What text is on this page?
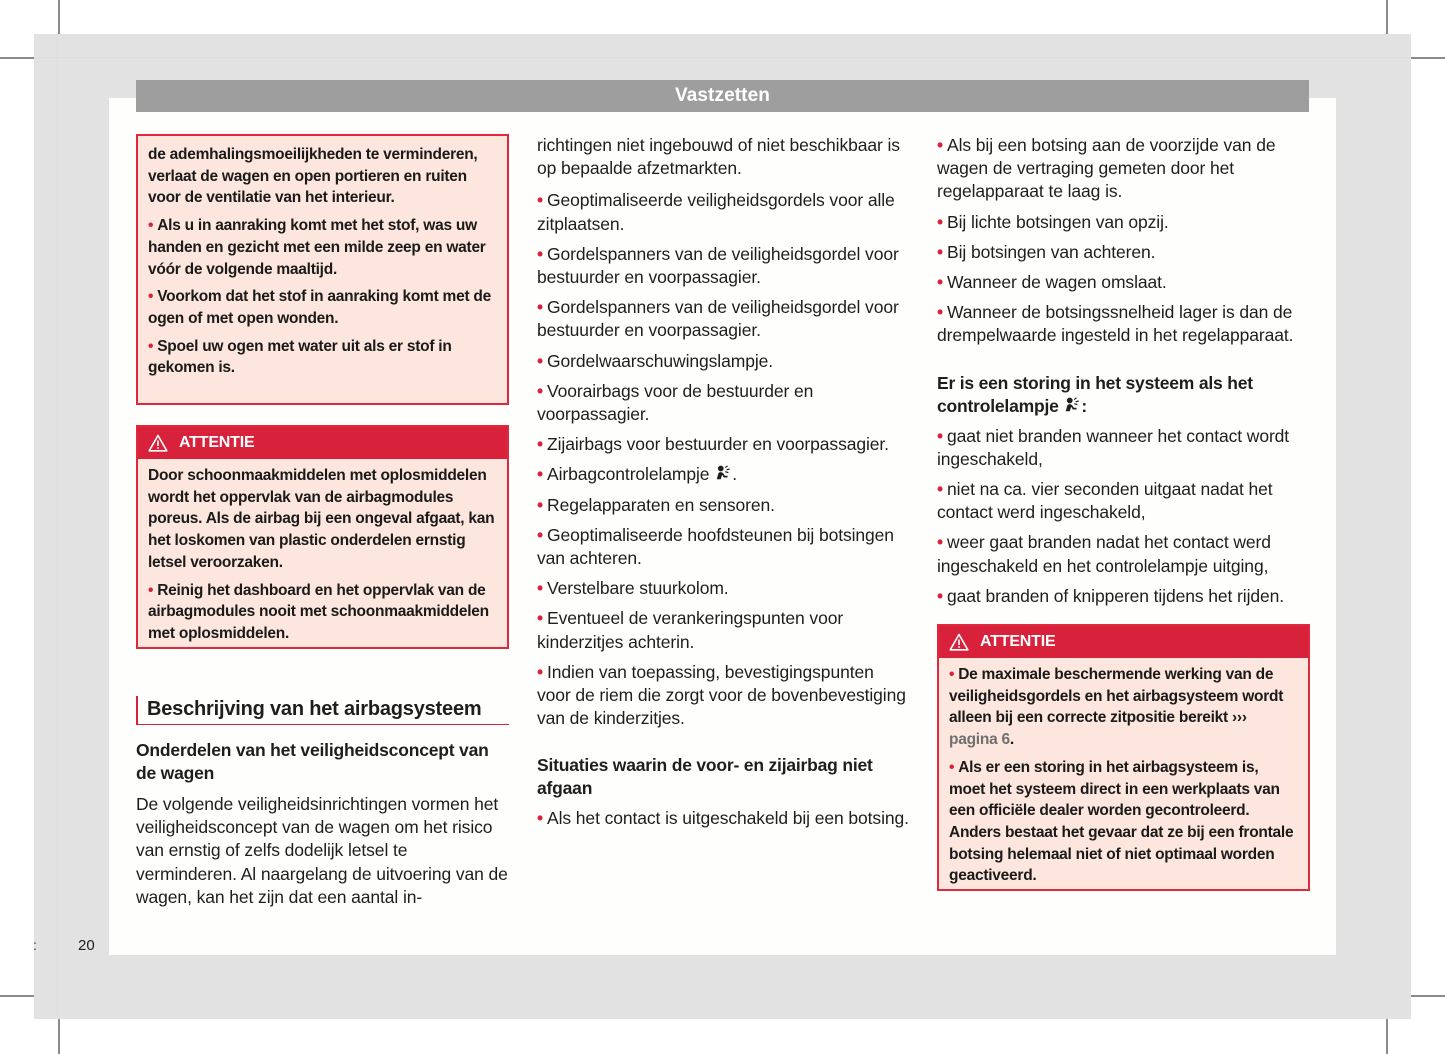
Vastzetten

de ademhalingsmoeilijkheden te verminderen, verlaat de wagen en open portieren en ruiten voor de ventilatie van het interieur.

• Als u in aanraking komt met het stof, was uw handen en gezicht met een milde zeep en water vóór de volgende maaltijd.

• Voorkom dat het stof in aanraking komt met de ogen of met open wonden.

• Spoel uw ogen met water uit als er stof in gekomen is.

ATTENTIE

Door schoonmaakmiddelen met oplosmiddelen wordt het oppervlak van de airbagmodules poreus. Als de airbag bij een ongeval afgaat, kan het loskomen van plastic onderdelen ernstig letsel veroorzaken.

• Reinig het dashboard en het oppervlak van de airbagmodules nooit met schoonmaakmiddelen met oplosmiddelen.

Beschrijving van het airbagsysteem
Onderdelen van het veiligheidsconcept van de wagen

De volgende veiligheidsinrichtingen vormen het veiligheidsconcept van de wagen om het risico van ernstig of zelfs dodelijk letsel te verminderen. Al naargelang de uitvoering van de wagen, kan het zijn dat een aantal in-

richtingen niet ingebouwd of niet beschikbaar is op bepaalde afzetmarkten.

• Geoptimaliseerde veiligheidsgordels voor alle zitplaatsen.

• Gordelspanners van de veiligheidsgordel voor bestuurder en voorpassagier.

• Gordelspanners van de veiligheidsgordel voor bestuurder en voorpassagier.

• Gordelwaarschuwingslampje.

• Voorairbags voor de bestuurder en voorpassagier.

• Zijairbags voor bestuurder en voorpassagier.

• Airbagcontrolelampje .

• Regelapparaten en sensoren.

• Geoptimaliseerde hoofdsteunen bij botsingen van achteren.

• Verstelbare stuurkolom.

• Eventueel de verankeringspunten voor kinderzitjes achterin.

• Indien van toepassing, bevestigingspunten voor de riem die zorgt voor de bovenbevestiging van de kinderzitjes.

Situaties waarin de voor- en zijairbag niet afgaan

• Als het contact is uitgeschakeld bij een botsing.

• Als bij een botsing aan de voorzijde van de wagen de vertraging gemeten door het regelapparaat te laag is.

• Bij lichte botsingen van opzij.

• Bij botsingen van achteren.

• Wanneer de wagen omslaat.

• Wanneer de botsingssnelheid lager is dan de drempelwaarde ingesteld in het regelapparaat.

Er is een storing in het systeem als het controlelampje :

• gaat niet branden wanneer het contact wordt ingeschakeld,

• niet na ca. vier seconden uitgaat nadat het contact werd ingeschakeld,

• weer gaat branden nadat het contact werd ingeschakeld en het controlelampje uitging,

• gaat branden of knipperen tijdens het rijden.

ATTENTIE

• De maximale beschermende werking van de veiligheidsgordels en het airbagsysteem wordt alleen bij een correcte zitpositie bereikt ››› pagina 6.

• Als er een storing in het airbagsysteem is, moet het systeem direct in een werkplaats van een officiële dealer worden gecontroleerd. Anders bestaat het gevaar dat ze bij een frontale botsing helemaal niet of niet optimaal worden geactiveerd.

:	20
